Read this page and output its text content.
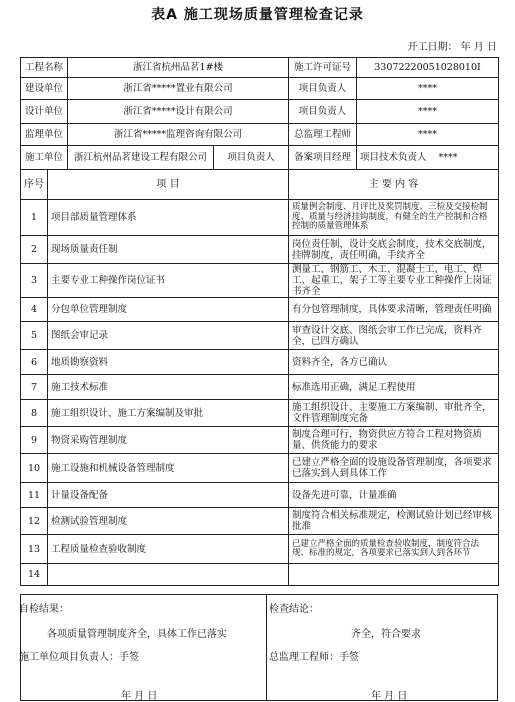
表A 施工现场质量管理检查记录
开工日期： 年 月 日
工程名称		浙江省杭州品茗1#楼		施工许可证号	33072220051028010I
建设单位		浙江省*****置业有限公司		项目负责人	****
设计单位		浙江省*****设计有限公司		项目负责人	****
监理单位		浙江省*****监理咨询有限公司		总监理工程师	****
施工单位		浙江杭州品茗建设工程有限公司	项目负责人	备案项目经理	项目技术负责人 ****
序号	项 目			主 要 内 容	
1	项目部质量管理体系			质量例会制度、月评比及奖罚制度、三检及交接检制度、质量与经济挂钩制度，有健全的生产控制和合格控制的质量管理体系	
2	现场质量责任制			岗位责任制，设计交底会制度，技术交底制度，挂牌制度，责任明确，手续齐全	
3	主要专业工种操作岗位证书			测量工、钢筋工、木工、混凝土工、电工、焊工、起重工、架子工等主要专业工种操作上岗证书齐全	
4	分包单位管理制度			有分包管理制度，具体要求清晰，管理责任明确	
5	图纸会审记录			审查设计交底、图纸会审工作已完成，资料齐全，已四方确认	
6	地质勘察资料			资料齐全，各方已确认	
7	施工技术标准			标准选用正确，满足工程使用	
8	施工组织设计、施工方案编制及审批			施工组织设计、主要施工方案编制、审批齐全，文件管理制度完备	
9	物资采购管理制度			制度合理可行，物资供应方符合工程对物资质量、供货能力的要求	
10	施工设施和机械设备管理制度			已建立严格全面的设施设备管理制度，各项要求已落实到人到具体工作	
11	计量设备配备			设备先进可靠，计量准确	
12	检测试验管理制度			制度符合相关标准规定，检测试验计划已经审核批准	
13	工程质量检查验收制度			已建立严格全面的质量检查验收制度，制度符合法规、标准的规定，各项要求已落实到人到各环节	
14					
自检结果：
各项质量管理制度齐全，具体工作已落实
施工单位项目负责人：手签
年 月 日
检查结论：
齐全，符合要求
总监理工程师：手签
年 月 日
